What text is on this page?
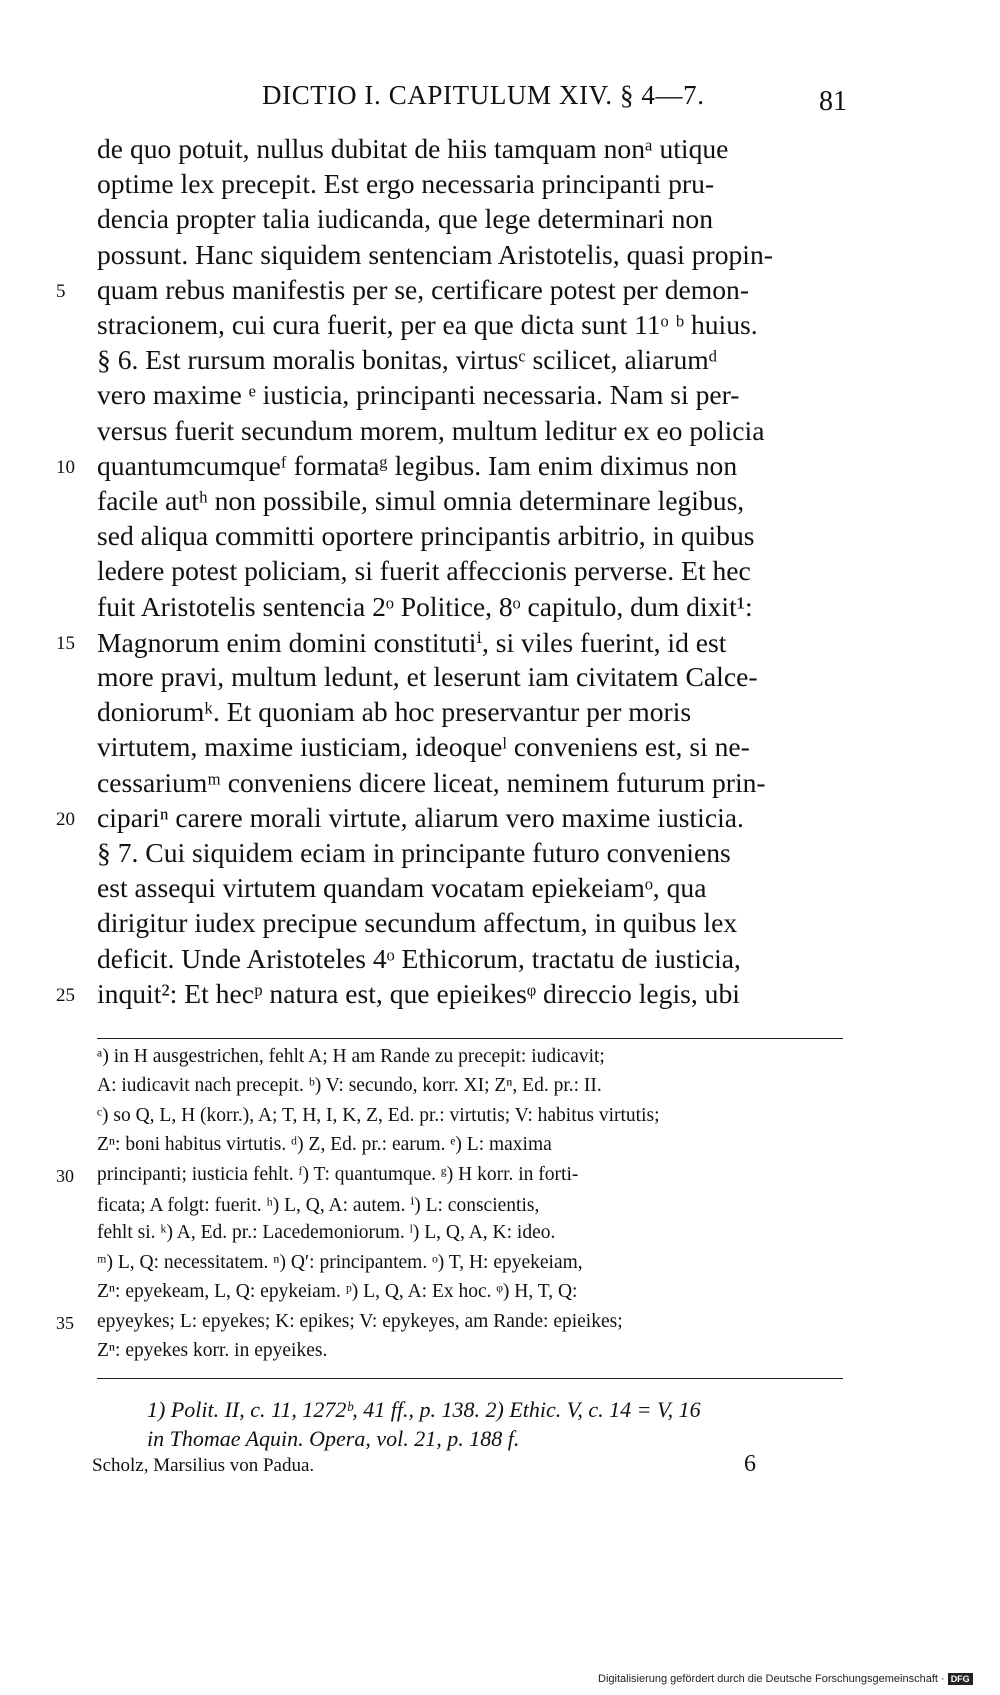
DICTIO I. CAPITULUM XIV. § 4—7.	81
de quo potuit, nullus dubitat de hiis tamquam nonᵃ utique
optime lex precepit. Est ergo necessaria principanti pru-
dencia propter talia iudicanda, que lege determinari non
possunt. Hanc siquidem sentenciam Aristotelis, quasi propin-
quam rebus manifestis per se, certificare potest per demon-
5
stracionem, cui cura fuerit, per ea que dicta sunt 11ᵒ ᵇ huius.
§ 6. Est rursum moralis bonitas, virtusᶜ scilicet, aliarumᵈ
vero maxime ᵉ iusticia, principanti necessaria. Nam si per-
versus fuerit secundum morem, multum leditur ex eo policia
quantumcumqueᶠ formataᵍ legibus. Iam enim diximus non
10
facile autʰ non possibile, simul omnia determinare legibus,
sed aliqua committi oportere principantis arbitrio, in quibus
ledere potest policiam, si fuerit affeccionis perverse. Et hec
fuit Aristotelis sentencia 2ᵒ Politice, 8ᵒ capitulo, dum dixit¹:
Magnorum enim domini constitutiⁱ, si viles fuerint, id est
15
more pravi, multum ledunt, et leserunt iam civitatem Calce-
doniorumᵏ. Et quoniam ab hoc preservantur per moris
virtutem, maxime iusticiam, ideoqueˡ conveniens est, si ne-
cessariumᵐ conveniens dicere liceat, neminem futurum prin-
cipariⁿ carere morali virtute, aliarum vero maxime iusticia.
20
§ 7. Cui siquidem eciam in principante futuro conveniens
est assequi virtutem quandam vocatam epiekeiamᵒ, qua
dirigitur iudex precipue secundum affectum, in quibus lex
deficit. Unde Aristoteles 4ᵒ Ethicorum, tractatu de iusticia,
inquit²: Et hecᵖ natura est, que epieikesᵠ direccio legis, ubi
25
ᵃ) in H ausgestrichen, fehlt A; H am Rande zu precepit: iudicavit;
A: iudicavit nach precepit. ᵇ) V: secundo, korr. XI; Zⁿ, Ed. pr.: II.
ᶜ) so Q, L, H (korr.), A; T, H, I, K, Z, Ed. pr.: virtutis; V: habitus virtutis;
Zⁿ: boni habitus virtutis. ᵈ) Z, Ed. pr.: earum. ᵉ) L: maxima
principanti; iusticia fehlt. ᶠ) T: quantumque. ᵍ) H korr. in forti-
30
ficata; A folgt: fuerit. ʰ) L, Q, A: autem. ⁱ) L: conscientis,
fehlt si. ᵏ) A, Ed. pr.: Lacedemoniorum. ˡ) L, Q, A, K: ideo.
ᵐ) L, Q: necessitatem. ⁿ) Q′: principantem. ᵒ) T, H: epyekeiam,
Zⁿ: epyekeam, L, Q: epykeiam. ᵖ) L, Q, A: Ex hoc. ᵠ) H, T, Q:
epyeykes; L: epyekes; K: epikes; V: epykeyes, am Rande: epieikes;
35
Zⁿ: epyekes korr. in epyeikes.
1) Polit. II, c. 11, 1272ᵇ, 41 ff., p. 138. 2) Ethic. V, c. 14 = V, 16
in Thomae Aquin. Opera, vol. 21, p. 188 f.
Scholz, Marsilius von Padua.	6
Digitalisierung gefördert durch die Deutsche Forschungsgemeinschaft · DFG
